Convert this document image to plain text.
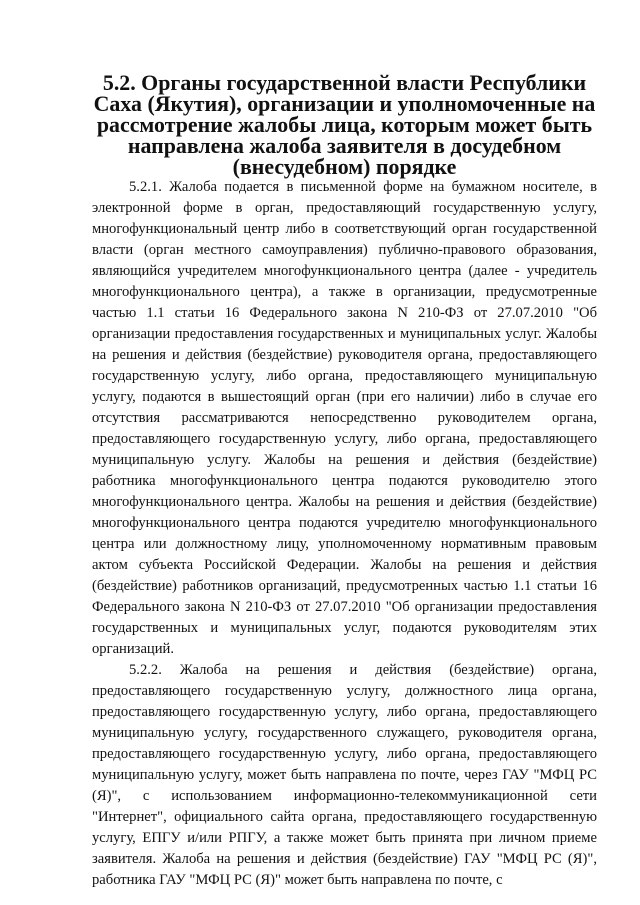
5.2. Органы государственной власти Республики Саха (Якутия), организации и уполномоченные на рассмотрение жалобы лица, которым может быть направлена жалоба заявителя в досудебном (внесудебном) порядке

5.2.1. Жалоба подается в письменной форме на бумажном носителе, в электронной форме в орган, предоставляющий государственную услугу, многофункциональный центр либо в соответствующий орган государственной власти (орган местного самоуправления) публично-правового образования, являющийся учредителем многофункционального центра (далее - учредитель многофункционального центра), а также в организации, предусмотренные частью 1.1 статьи 16 Федерального закона N 210-ФЗ от 27.07.2010 "Об организации предоставления государственных и муниципальных услуг. Жалобы на решения и действия (бездействие) руководителя органа, предоставляющего государственную услугу, либо органа, предоставляющего муниципальную услугу, подаются в вышестоящий орган (при его наличии) либо в случае его отсутствия рассматриваются непосредственно руководителем органа, предоставляющего государственную услугу, либо органа, предоставляющего муниципальную услугу. Жалобы на решения и действия (бездействие) работника многофункционального центра подаются руководителю этого многофункционального центра. Жалобы на решения и действия (бездействие) многофункционального центра подаются учредителю многофункционального центра или должностному лицу, уполномоченному нормативным правовым актом субъекта Российской Федерации. Жалобы на решения и действия (бездействие) работников организаций, предусмотренных частью 1.1 статьи 16 Федерального закона N 210-ФЗ от 27.07.2010 "Об организации предоставления государственных и муниципальных услуг, подаются руководителям этих организаций.

5.2.2. Жалоба на решения и действия (бездействие) органа, предоставляющего государственную услугу, должностного лица органа, предоставляющего государственную услугу, либо органа, предоставляющего муниципальную услугу, государственного служащего, руководителя органа, предоставляющего государственную услугу, либо органа, предоставляющего муниципальную услугу, может быть направлена по почте, через ГАУ "МФЦ РС (Я)", с использованием информационно-телекоммуникационной сети "Интернет", официального сайта органа, предоставляющего государственную услугу, ЕПГУ и/или РПГУ, а также может быть принята при личном приеме заявителя. Жалоба на решения и действия (бездействие) ГАУ "МФЦ РС (Я)", работника ГАУ "МФЦ РС (Я)" может быть направлена по почте, с
